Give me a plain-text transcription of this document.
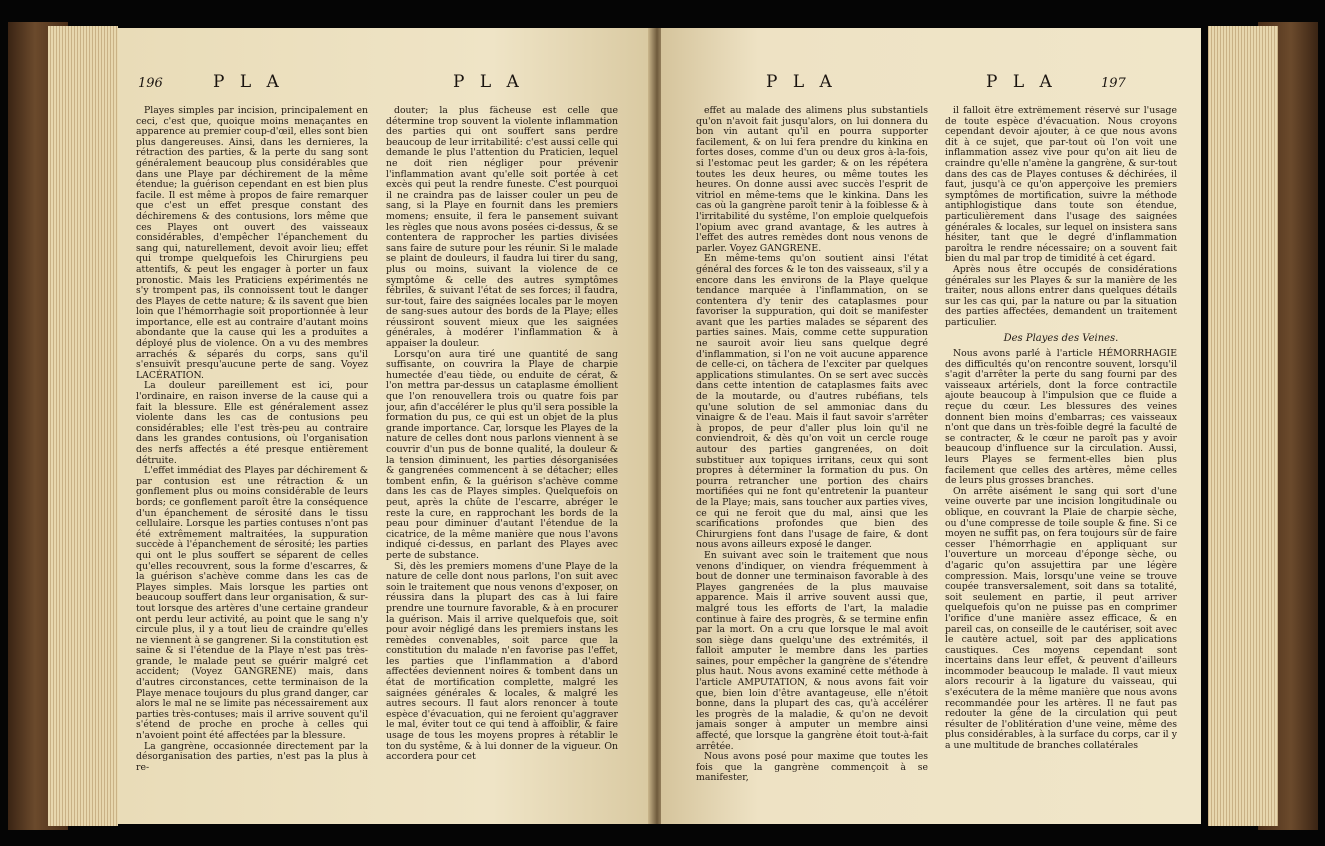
196	P L A	P L A

Playes simples par incision, principalement en ceci, c'est que, quoique moins menaçantes en apparence au premier coup-d'œil, elles sont bien plus dangereuses. Ainsi, dans les dernieres, la rétraction des parties, & la perte du sang sont généralement beaucoup plus considérables que dans une Playe par déchirement de la même étendue; la guérison cependant en est bien plus facile. Il est même à propos de faire remarquer que c'est un effet presque constant des déchiremens & des contusions, lors même que ces Playes ont ouvert des vaisseaux considérables, d'empêcher l'épanchement du sang qui, naturellement, devoit avoir lieu; effet qui trompe quelquefois les Chirurgiens peu attentifs, & peut les engager à porter un faux pronostic. Mais les Praticiens expérimentés ne s'y trompent pas, ils connoissent tout le danger des Playes de cette nature; & ils savent que bien loin que l'hémorrhagie soit proportionnée à leur importance, elle est au contraire d'autant moins abondante que la cause qui les a produites a déployé plus de violence. On a vu des membres arrachés & séparés du corps, sans qu'il s'ensuivît presqu'aucune perte de sang. Voyez LACÉRATION.

La douleur pareillement est ici, pour l'ordinaire, en raison inverse de la cause qui a fait la blessure. Elle est généralement assez violente dans les cas de contusions peu considérables; elle l'est très-peu au contraire dans les grandes contusions, où l'organisation des nerfs affectés a été presque entièrement détruite.

L'effet immédiat des Playes par déchirement & par contusion est une rétraction & un gonflement plus ou moins considérable de leurs bords; ce gonflement paroît être la conséquence d'un épanchement de sérosité dans le tissu cellulaire. Lorsque les parties contuses n'ont pas été extrêmement maltraitées, la suppuration succède à l'épanchement de sérosité; les parties qui ont le plus souffert se séparent de celles qu'elles recouvrent, sous la forme d'escarres, & la guérison s'achève comme dans les cas de Playes simples. Mais lorsque les parties ont beaucoup souffert dans leur organisation, & sur-tout lorsque des artères d'une certaine grandeur ont perdu leur activité, au point que le sang n'y circule plus, il y a tout lieu de craindre qu'elles ne viennent à se gangrener. Si la constitution est saine & si l'étendue de la Playe n'est pas très-grande, le malade peut se guérir malgré cet accident; (Voyez GANGRENE) mais, dans d'autres circonstances, cette terminaison de la Playe menace toujours du plus grand danger, car alors le mal ne se limite pas nécessairement aux parties très-contuses; mais il arrive souvent qu'il s'étend de proche en proche à celles qui n'avoient point été affectées par la blessure.

La gangrène, occasionnée directement par la désorganisation des parties, n'est pas la plus à re-

douter; la plus fâcheuse est celle que détermine trop souvent la violente inflammation des parties qui ont souffert sans perdre beaucoup de leur irritabilité: c'est aussi celle qui demande le plus l'attention du Praticien, lequel ne doit rien négliger pour prévenir l'inflammation avant qu'elle soit portée à cet excès qui peut la rendre funeste. C'est pourquoi il ne craindra pas de laisser couler un peu de sang, si la Playe en fournit dans les premiers momens; ensuite, il fera le pansement suivant les règles que nous avons posées ci-dessus, & se contentera de rapprocher les parties divisées sans faire de suture pour les réunir. Si le malade se plaint de douleurs, il faudra lui tirer du sang, plus ou moins, suivant la violence de ce symptôme & celle des autres symptômes fébriles, & suivant l'état de ses forces; il faudra, sur-tout, faire des saignées locales par le moyen de sang-sues autour des bords de la Playe; elles réussiront souvent mieux que les saignées générales, à modérer l'inflammation & à appaiser la douleur.

Lorsqu'on aura tiré une quantité de sang suffisante, on couvrira la Playe de charpie humectée d'eau tiède, ou enduite de cérat, & l'on mettra par-dessus un cataplasme émollient que l'on renouvellera trois ou quatre fois par jour, afin d'accélérer le plus qu'il sera possible la formation du pus, ce qui est un objet de la plus grande importance. Car, lorsque les Playes de la nature de celles dont nous parlons viennent à se couvrir d'un pus de bonne qualité, la douleur & la tension diminuent, les parties désorganisées & gangrenées commencent à se détacher; elles tombent enfin, & la guérison s'achève comme dans les cas de Playes simples. Quelquefois on peut, après la chûte de l'escarre, abréger le reste la cure, en rapprochant les bords de la peau pour diminuer d'autant l'étendue de la cicatrice, de la même manière que nous l'avons indiqué ci-dessus, en parlant des Playes avec perte de substance.

Si, dès les premiers momens d'une Playe de la nature de celle dont nous parlons, l'on suit avec soin le traitement que nous venons d'exposer, on réussira dans la plupart des cas à lui faire prendre une tournure favorable, & à en procurer la guérison. Mais il arrive quelquefois que, soit pour avoir négligé dans les premiers instans les remèdes convenables, soit parce que la constitution du malade n'en favorise pas l'effet, les parties que l'inflammation a d'abord affectées deviennent noires & tombent dans un état de mortification complette, malgré les saignées générales & locales, & malgré les autres secours. Il faut alors renoncer à toute espèce d'évacuation, qui ne feroient qu'aggraver le mal, éviter tout ce qui tend à affoiblir, & faire usage de tous les moyens propres à rétablir le ton du systême, & à lui donner de la vigueur. On accordera pour cet

P L A	P L A	197

effet au malade des alimens plus substantiels qu'on n'avoit fait jusqu'alors, on lui donnera du bon vin autant qu'il en pourra supporter facilement, & on lui fera prendre du kinkina en fortes doses, comme d'un ou deux gros à-la-fois, si l'estomac peut les garder; & on les répétera toutes les deux heures, ou même toutes les heures. On donne aussi avec succès l'esprit de vitriol en même-tems que le kinkina. Dans les cas où la gangrène paroît tenir à la foiblesse & à l'irritabilité du systême, l'on emploie quelquefois l'opium avec grand avantage, & les autres à l'effet des autres remèdes dont nous venons de parler. Voyez GANGRENE.

En même-tems qu'on soutient ainsi l'état général des forces & le ton des vaisseaux, s'il y a encore dans les environs de la Playe quelque tendance marquée à l'inflammation, on se contentera d'y tenir des cataplasmes pour favoriser la suppuration, qui doit se manifester avant que les parties malades se séparent des parties saines. Mais, comme cette suppuration ne sauroit avoir lieu sans quelque degré d'inflammation, si l'on ne voit aucune apparence de celle-ci, on tâchera de l'exciter par quelques applications stimulantes. On se sert avec succès dans cette intention de cataplasmes faits avec de la moutarde, ou d'autres rubéfians, tels qu'une solution de sel ammoniac dans du vinaigre & de l'eau. Mais il faut savoir s'arrêter à propos, de peur d'aller plus loin qu'il ne conviendroit, & dès qu'on voit un cercle rouge autour des parties gangrenées, on doit substituer aux topiques irritans, ceux qui sont propres à déterminer la formation du pus. On pourra retrancher une portion des chairs mortifiées qui ne font qu'entretenir la puanteur de la Playe; mais, sans toucher aux parties vives, ce qui ne feroit que du mal, ainsi que les scarifications profondes que bien des Chirurgiens font dans l'usage de faire, & dont nous avons ailleurs exposé le danger.

En suivant avec soin le traitement que nous venons d'indiquer, on viendra fréquemment à bout de donner une terminaison favorable à des Playes gangrenées de la plus mauvaise apparence. Mais il arrive souvent aussi que, malgré tous les efforts de l'art, la maladie continue à faire des progrès, & se termine enfin par la mort. On a cru que lorsque le mal avoit son siège dans quelqu'une des extrémités, il falloit amputer le membre dans les parties saines, pour empêcher la gangrène de s'étendre plus haut. Nous avons examiné cette méthode à l'article AMPUTATION, & nous avons fait voir que, bien loin d'être avantageuse, elle n'étoit bonne, dans la plupart des cas, qu'à accélérer les progrès de la maladie, & qu'on ne devoit jamais songer à amputer un membre ainsi affecté, que lorsque la gangrène étoit tout-à-fait arrêtée.

Nous avons posé pour maxime que toutes les fois que la gangrène commençoit à se manifester,

il falloit être extrêmement réservé sur l'usage de toute espèce d'évacuation. Nous croyons cependant devoir ajouter, à ce que nous avons dit à ce sujet, que par-tout où l'on voit une inflammation assez vive pour qu'on ait lieu de craindre qu'elle n'amène la gangrène, & sur-tout dans des cas de Playes contuses & déchirées, il faut, jusqu'à ce qu'on apperçoive les premiers symptômes de mortification, suivre la méthode antiphlogistique dans toute son étendue, particulièrement dans l'usage des saignées générales & locales, sur lequel on insistera sans hésiter, tant que le degré d'inflammation paroîtra le rendre nécessaire; on a souvent fait bien du mal par trop de timidité à cet égard.

Après nous être occupés de considérations générales sur les Playes & sur la manière de les traiter, nous allons entrer dans quelques détails sur les cas qui, par la nature ou par la situation des parties affectées, demandent un traitement particulier.

Des Playes des Veines.

Nous avons parlé à l'article HÉMORRHAGIE des difficultés qu'on rencontre souvent, lorsqu'il s'agit d'arrêter la perte du sang fourni par des vaisseaux artériels, dont la force contractile ajoute beaucoup à l'impulsion que ce fluide a reçue du cœur. Les blessures des veines donnent bien moins d'embarras; ces vaisseaux n'ont que dans un très-foible degré la faculté de se contracter, & le cœur ne paroît pas y avoir beaucoup d'influence sur la circulation. Aussi, leurs Playes se ferment-elles bien plus facilement que celles des artères, même celles de leurs plus grosses branches.

On arrête aisément le sang qui sort d'une veine ouverte par une incision longitudinale ou oblique, en couvrant la Plaie de charpie sèche, ou d'une compresse de toile souple & fine. Si ce moyen ne suffit pas, on fera toujours sûr de faire cesser l'hémorrhagie en appliquant sur l'ouverture un morceau d'éponge sèche, ou d'agaric qu'on assujettira par une légère compression. Mais, lorsqu'une veine se trouve coupée transversalement, soit dans sa totalité, soit seulement en partie, il peut arriver quelquefois qu'on ne puisse pas en comprimer l'orifice d'une manière assez efficace, & en pareil cas, on conseille de le cautériser, soit avec le cautère actuel, soit par des applications caustiques. Ces moyens cependant sont incertains dans leur effet, & peuvent d'ailleurs incommoder beaucoup le malade. Il vaut mieux alors recourir à la ligature du vaisseau, qui s'exécutera de la même manière que nous avons recommandée pour les artères. Il ne faut pas redouter la gêne de la circulation qui peut résulter de l'oblitération d'une veine, même des plus considérables, à la surface du corps, car il y a une multitude de branches collatérales
